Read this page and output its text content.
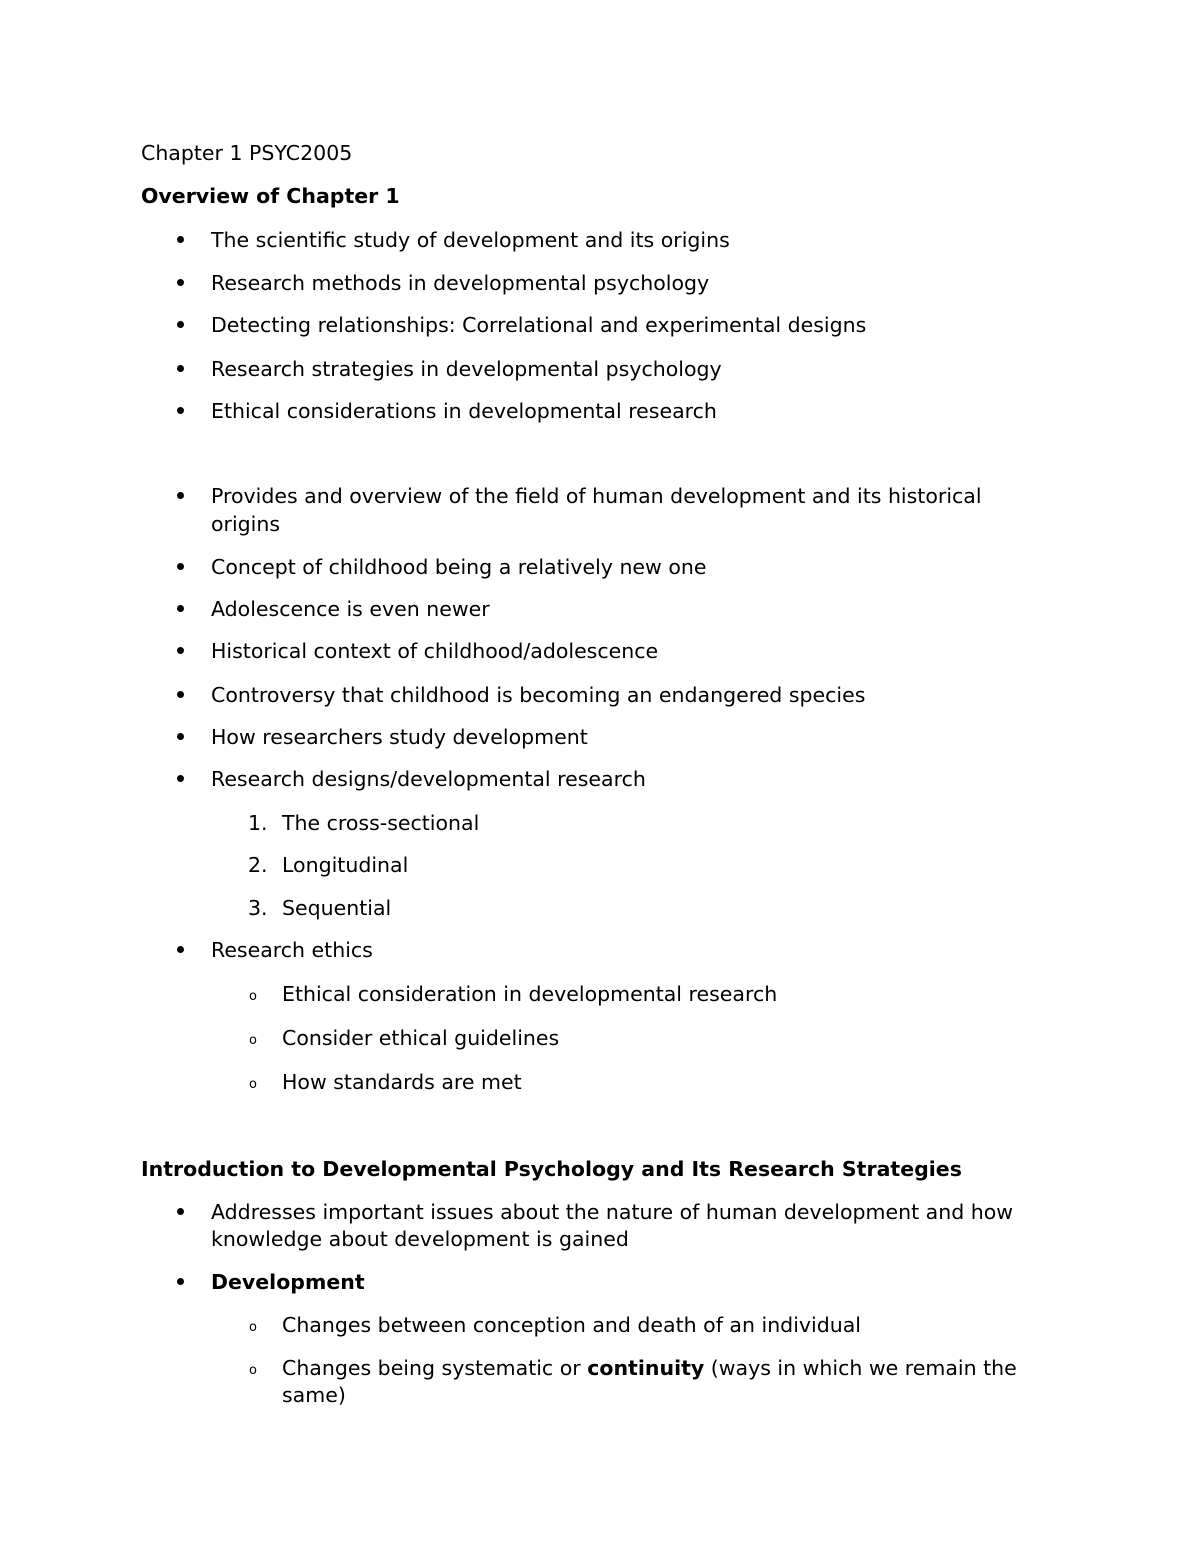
Chapter 1 PSYC2005
Overview of Chapter 1
The scientific study of development and its origins
Research methods in developmental psychology
Detecting relationships: Correlational and experimental designs
Research strategies in developmental psychology
Ethical considerations in developmental research
Provides and overview of the field of human development and its historical
origins
Concept of childhood being a relatively new one
Adolescence is even newer
Historical context of childhood/adolescence
Controversy that childhood is becoming an endangered species
How researchers study development
Research designs/developmental research
1. The cross-sectional
2. Longitudinal
3. Sequential
Research ethics
o Ethical consideration in developmental research
o Consider ethical guidelines
o How standards are met
Introduction to Developmental Psychology and Its Research Strategies
Addresses important issues about the nature of human development and how
knowledge about development is gained
Development
o Changes between conception and death of an individual
o Changes being systematic or continuity (ways in which we remain the
same)
